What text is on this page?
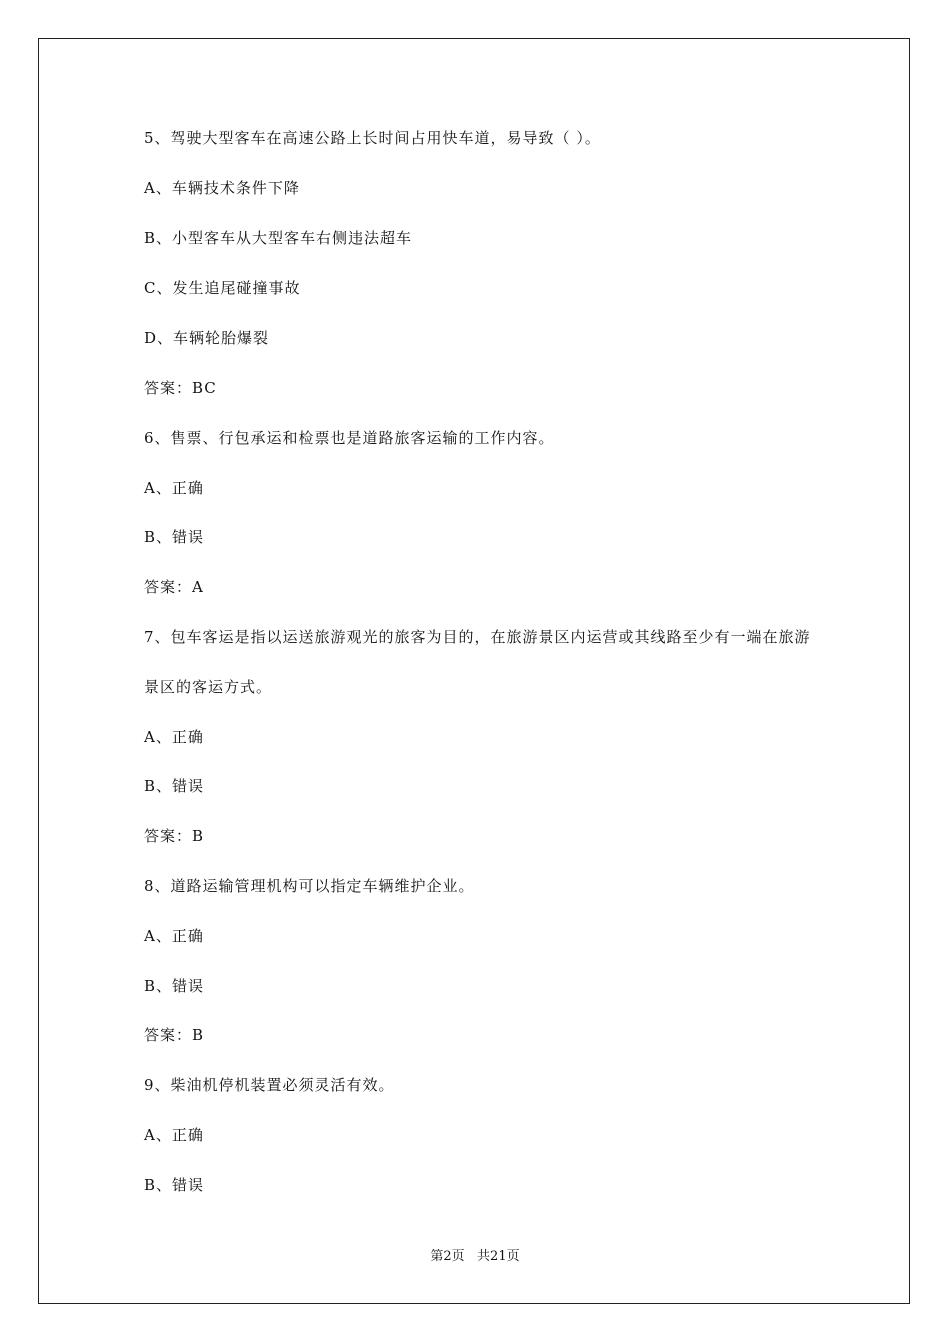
5、驾驶大型客车在高速公路上长时间占用快车道，易导致（ ）。
A、车辆技术条件下降
B、小型客车从大型客车右侧违法超车
C、发生追尾碰撞事故
D、车辆轮胎爆裂
答案：BC
6、售票、行包承运和检票也是道路旅客运输的工作内容。
A、正确
B、错误
答案：A
7、包车客运是指以运送旅游观光的旅客为目的，在旅游景区内运营或其线路至少有一端在旅游
景区的客运方式。
A、正确
B、错误
答案：B
8、道路运输管理机构可以指定车辆维护企业。
A、正确
B、错误
答案：B
9、柴油机停机装置必须灵活有效。
A、正确
B、错误
第2页   共21页
